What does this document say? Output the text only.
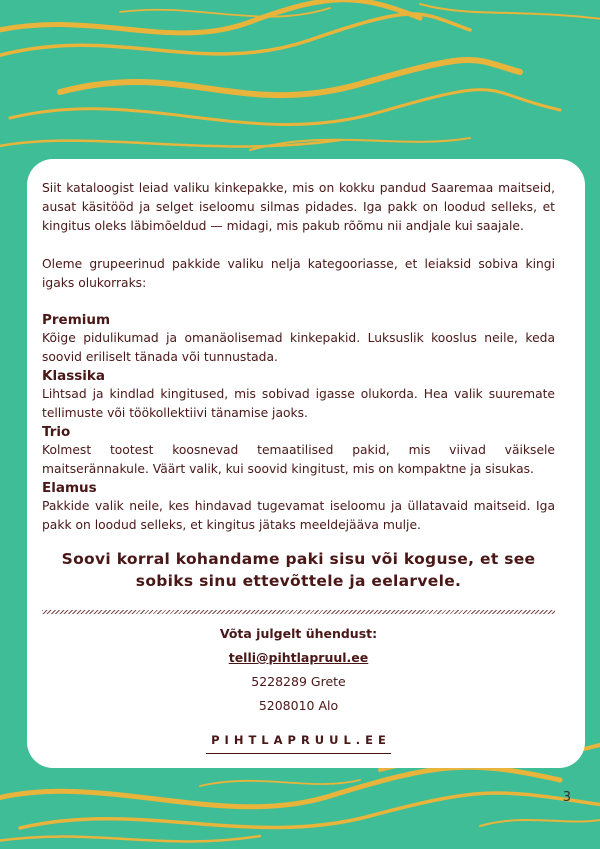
Siit kataloogist leiad valiku kinkepakke, mis on kokku pandud Saaremaa maitseid, ausat käsitööd ja selget iseloomu silmas pidades. Iga pakk on loodud selleks, et kingitus oleks läbimõeldud — midagi, mis pakub rõõmu nii andjale kui saajale.

Oleme grupeerinud pakkide valiku nelja kategooriasse, et leiaksid sobiva kingi igaks olukorraks:

Premium

Kõige pidulikumad ja omanäolisemad kinkepakid. Luksuslik kooslus neile, keda soovid eriliselt tänada või tunnustada.

Klassika

Lihtsad ja kindlad kingitused, mis sobivad igasse olukorda. Hea valik suuremate tellimuste või töökollektiivi tänamise jaoks.

Trio

Kolmest tootest koosnevad temaatilised pakid, mis viivad väiksele maitserännakule. Väärt valik, kui soovid kingitust, mis on kompaktne ja sisukas.

Elamus

Pakkide valik neile, kes hindavad tugevamat iseloomu ja üllatavaid maitseid. Iga pakk on loodud selleks, et kingitus jätaks meeldejääva mulje.

Soovi korral kohandame paki sisu või koguse, et see sobiks sinu ettevõttele ja eelarvele.

Võta julgelt ühendust:
telli@pihtlapruul.ee
5228289 Grete
5208010 Alo
PIHTLAPRUUL.EE
3
